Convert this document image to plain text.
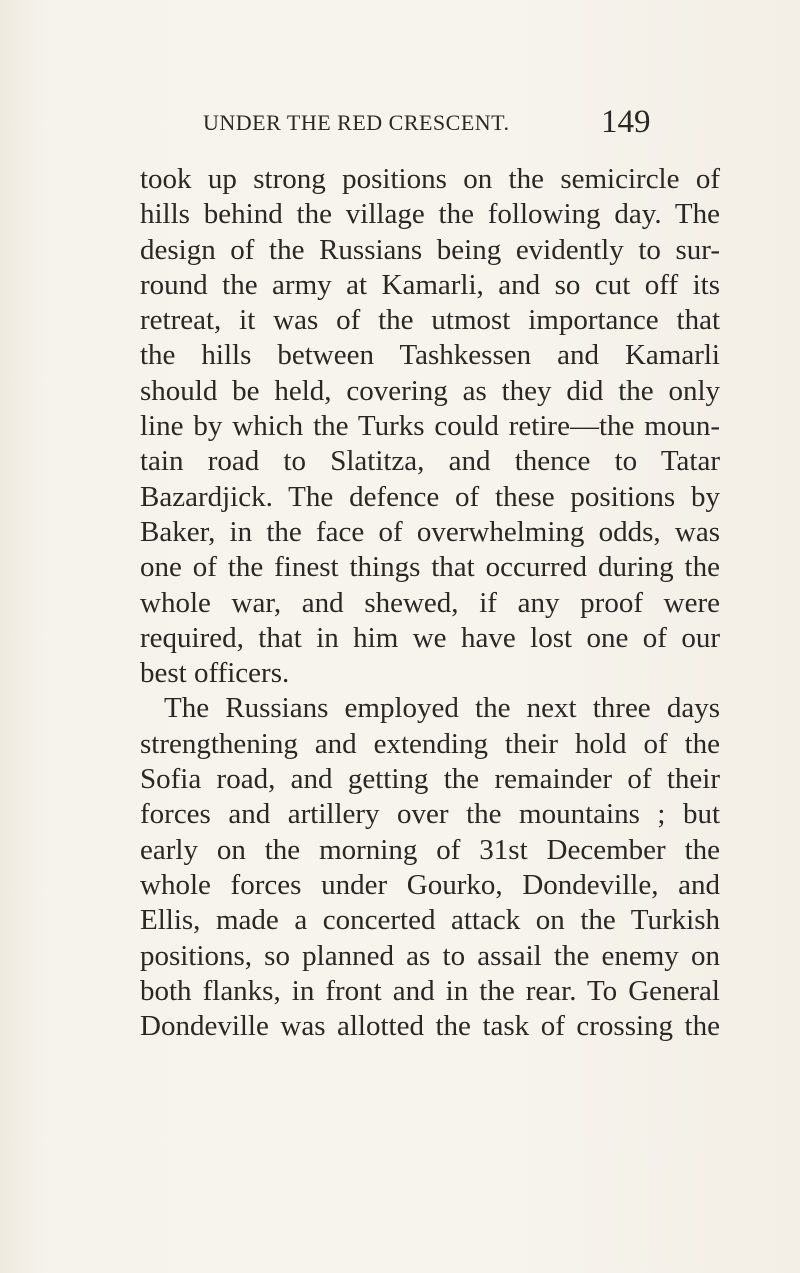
UNDER THE RED CRESCENT.	149
took up strong positions on the semicircle of
hills behind the village the following day. The
design of the Russians being evidently to sur-
round the army at Kamarli, and so cut off its
retreat, it was of the utmost importance that
the hills between Tashkessen and Kamarli
should be held, covering as they did the only
line by which the Turks could retire—the moun-
tain road to Slatitza, and thence to Tatar
Bazardjick. The defence of these positions by
Baker, in the face of overwhelming odds, was
one of the finest things that occurred during the
whole war, and shewed, if any proof were
required, that in him we have lost one of our
best officers.
The Russians employed the next three days
strengthening and extending their hold of the
Sofia road, and getting the remainder of their
forces and artillery over the mountains ; but
early on the morning of 31st December the
whole forces under Gourko, Dondeville, and
Ellis, made a concerted attack on the Turkish
positions, so planned as to assail the enemy on
both flanks, in front and in the rear. To General
Dondeville was allotted the task of crossing the
